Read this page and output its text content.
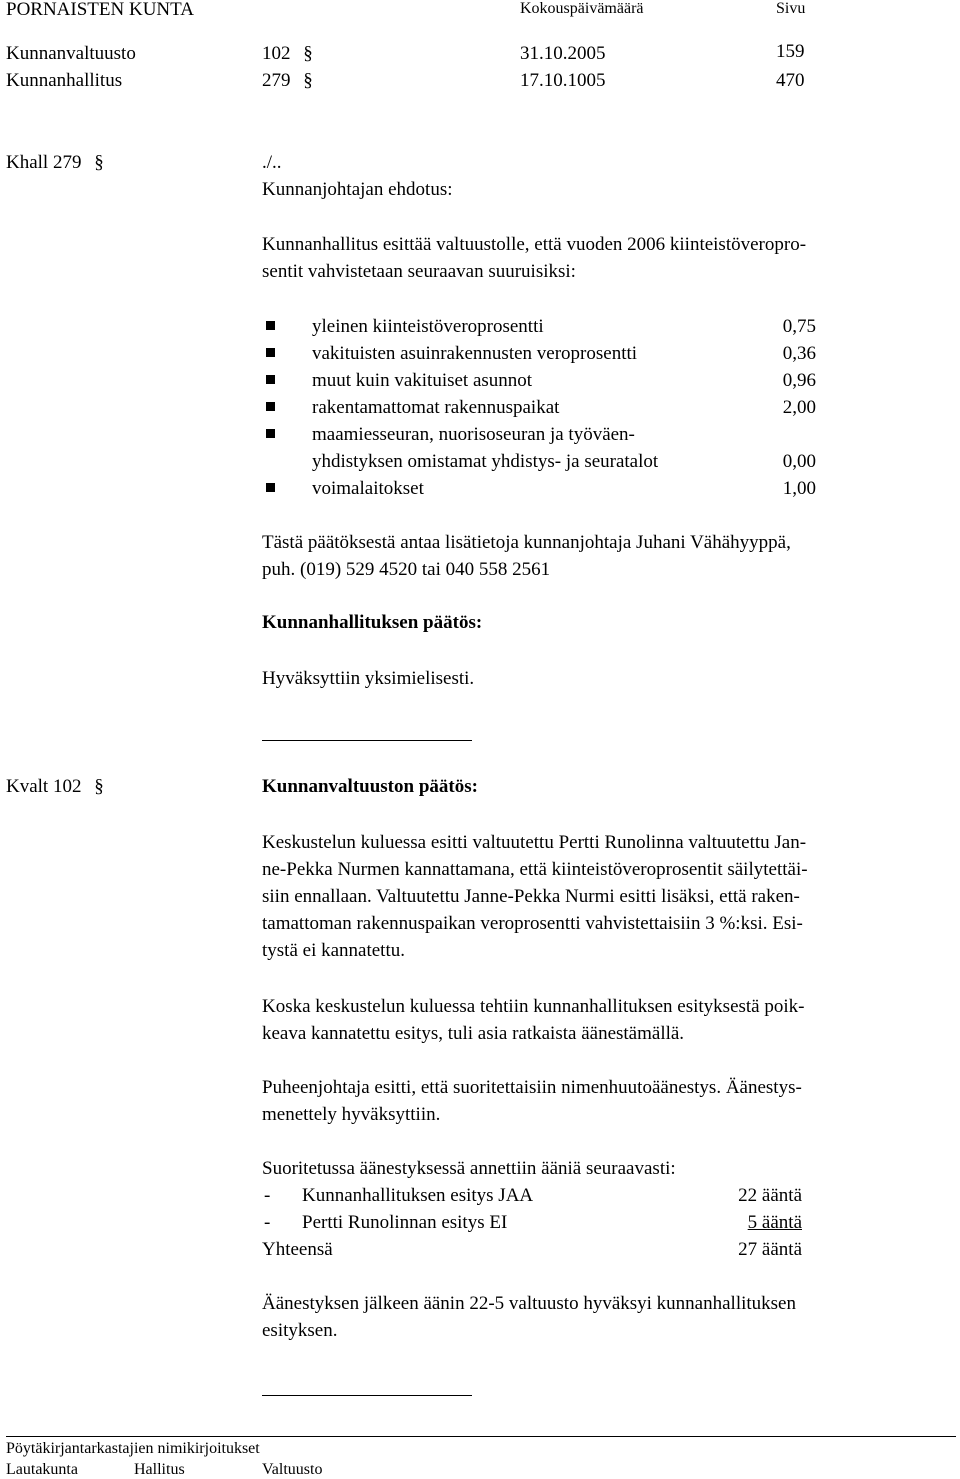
PORNAISTEN KUNTA	Kokouspäivämäärä	Sivu
Kunnanvaltuusto	102 §	31.10.2005	159
Kunnanhallitus	279 §	17.10.1005	470
Khall 279 §	./..
Kunnanjohtajan ehdotus:
Kunnanhallitus esittää valtuustolle, että vuoden 2006 kiinteistöveropro-
sentit vahvistetaan seuraavan suuruisiksi:
yleinen kiinteistöveroprosentti	0,75
vakituisten asuinrakennusten veroprosentti	0,36
muut kuin vakituiset asunnot	0,96
rakentamattomat rakennuspaikat	2,00
maamiesseuran, nuorisoseuran ja työväen-
yhdistyksen omistamat yhdistys- ja seuratalot	0,00
voimalaitokset	1,00
Tästä päätöksestä antaa lisätietoja kunnanjohtaja Juhani Vähähyyppä,
puh. (019) 529 4520 tai 040 558 2561
Kunnanhallituksen päätös:
Hyväksyttiin yksimielisesti.
Kvalt 102 §	Kunnanvaltuuston päätös:
Keskustelun kuluessa esitti valtuutettu Pertti Runolinna valtuutettu Jan-
ne-Pekka Nurmen kannattamana, että kiinteistöveroprosentit säilytettäi-
siin ennallaan. Valtuutettu Janne-Pekka Nurmi esitti lisäksi, että raken-
tamattoman rakennuspaikan veroprosentti vahvistettaisiin 3 %:ksi. Esi-
tystä ei kannatettu.
Koska keskustelun kuluessa tehtiin kunnanhallituksen esityksestä poik-
keava kannatettu esitys, tuli asia ratkaista äänestämällä.
Puheenjohtaja esitti, että suoritettaisiin nimenhuutoäänestys. Äänestys-
menettely hyväksyttiin.
Suoritetussa äänestyksessä annettiin ääniä seuraavasti:
- Kunnanhallituksen esitys JAA	22 ääntä
- Pertti Runolinnan esitys EI	5 ääntä
Yhteensä	27 ääntä
Äänestyksen jälkeen äänin 22-5 valtuusto hyväksyi kunnanhallituksen
esityksen.
Pöytäkirjantarkastajien nimikirjoitukset
Lautakunta	Hallitus	Valtuusto
